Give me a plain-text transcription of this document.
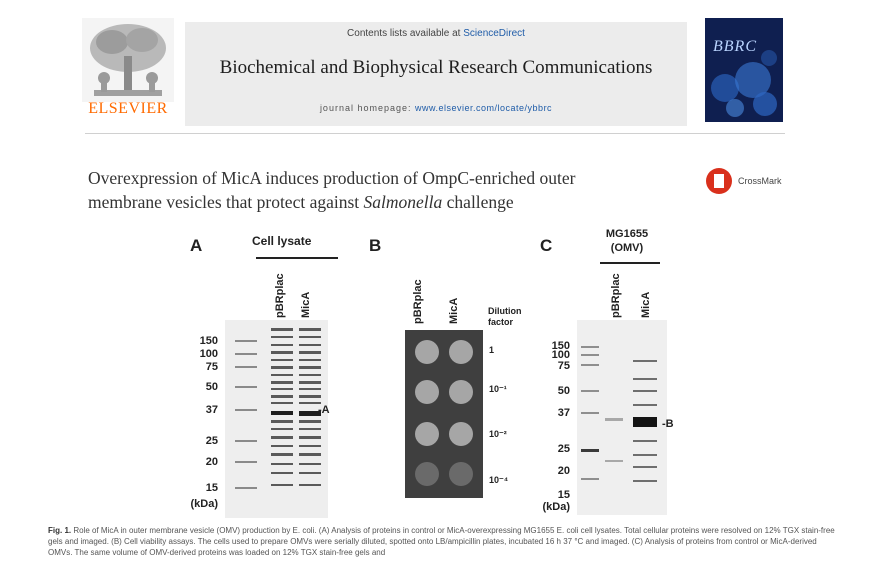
ELSEVIER
Contents lists available at ScienceDirect
Biochemical and Biophysical Research Communications
journal homepage: www.elsevier.com/locate/ybbrc
BBRC
Overexpression of MicA induces production of OmpC-enriched outer
membrane vesicles that protect against Salmonella challenge
CrossMark
A	Cell lysate
pBRplac MicA
150
100
75
50
37
25
20
15
(kDa)
-A
B
pBRplac MicA	Dilution
factor
1
10⁻¹
10⁻²
10⁻⁴
C
MG1655
(OMV)
pBRplac MicA
150
100
75
50
37
25
20
15
(kDa)
-B
Fig. 1. Role of MicA in outer membrane vesicle (OMV) production by E. coli. (A) Analysis of proteins in control or MicA-overexpressing MG1655 E. coli cell lysates. Total cellular proteins were resolved on 12% TGX stain-free gels and imaged. (B) Cell viability assays. The cells used to prepare OMVs were serially diluted, spotted onto LB/ampicillin plates, incubated 16 h 37 °C and imaged. (C) Analysis of proteins from control or MicA-derived OMVs. The same volume of OMV-derived proteins was loaded on 12% TGX stain-free gels and
